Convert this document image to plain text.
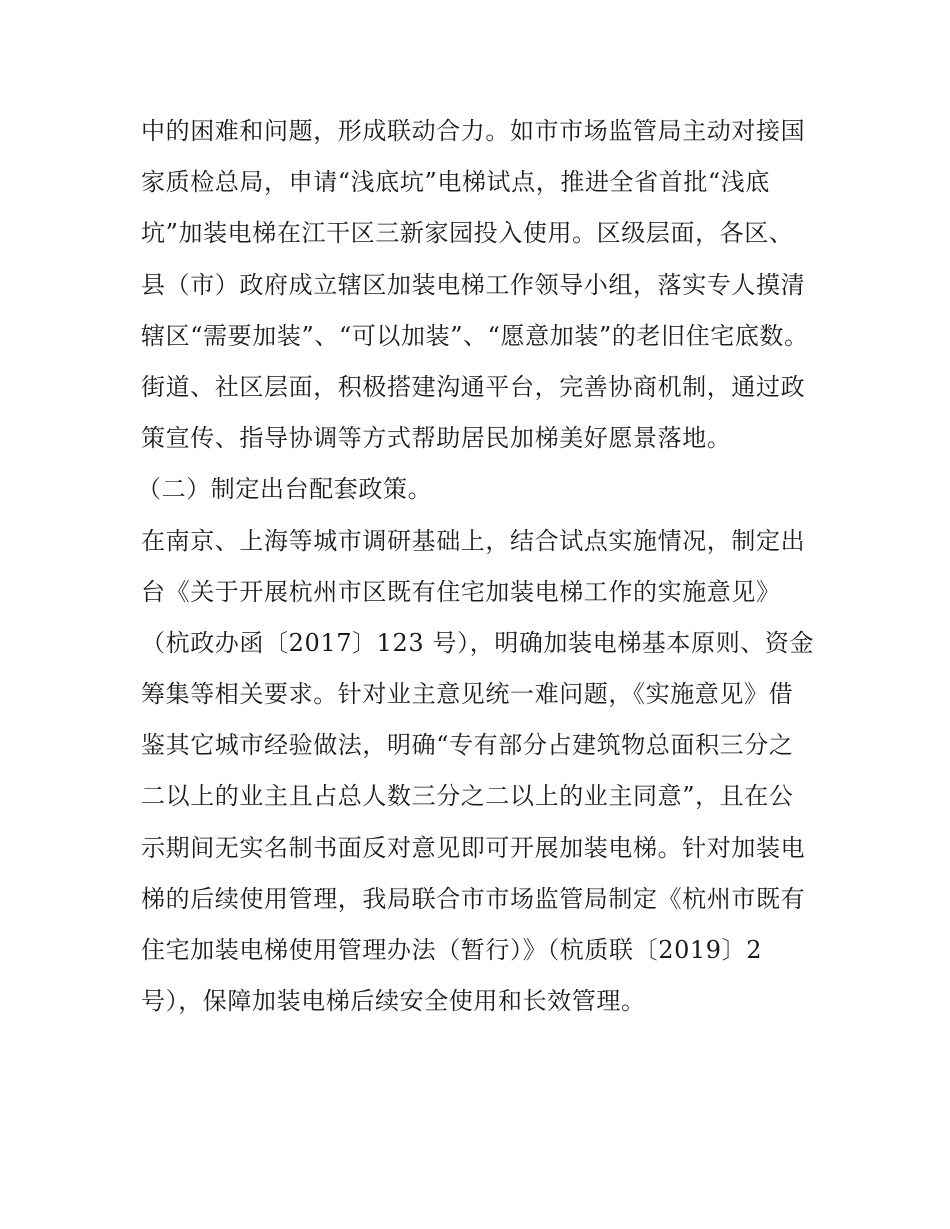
中的困难和问题，形成联动合力。如市市场监管局主动对接国
家质检总局，申请“浅底坑”电梯试点，推进全省首批“浅底
坑”加装电梯在江干区三新家园投入使用。区级层面，各区、
县（市）政府成立辖区加装电梯工作领导小组，落实专人摸清
辖区“需要加装”、“可以加装”、“愿意加装”的老旧住宅底数。
街道、社区层面，积极搭建沟通平台，完善协商机制，通过政
策宣传、指导协调等方式帮助居民加梯美好愿景落地。
（二）制定出台配套政策。
在南京、上海等城市调研基础上，结合试点实施情况，制定出
台《关于开展杭州市区既有住宅加装电梯工作的实施意见》
（杭政办函〔2017〕123 号），明确加装电梯基本原则、资金
筹集等相关要求。针对业主意见统一难问题，《实施意见》借
鉴其它城市经验做法，明确“专有部分占建筑物总面积三分之
二以上的业主且占总人数三分之二以上的业主同意”，且在公
示期间无实名制书面反对意见即可开展加装电梯。针对加装电
梯的后续使用管理，我局联合市市场监管局制定《杭州市既有
住宅加装电梯使用管理办法（暂行）》（杭质联〔2019〕2
号），保障加装电梯后续安全使用和长效管理。
